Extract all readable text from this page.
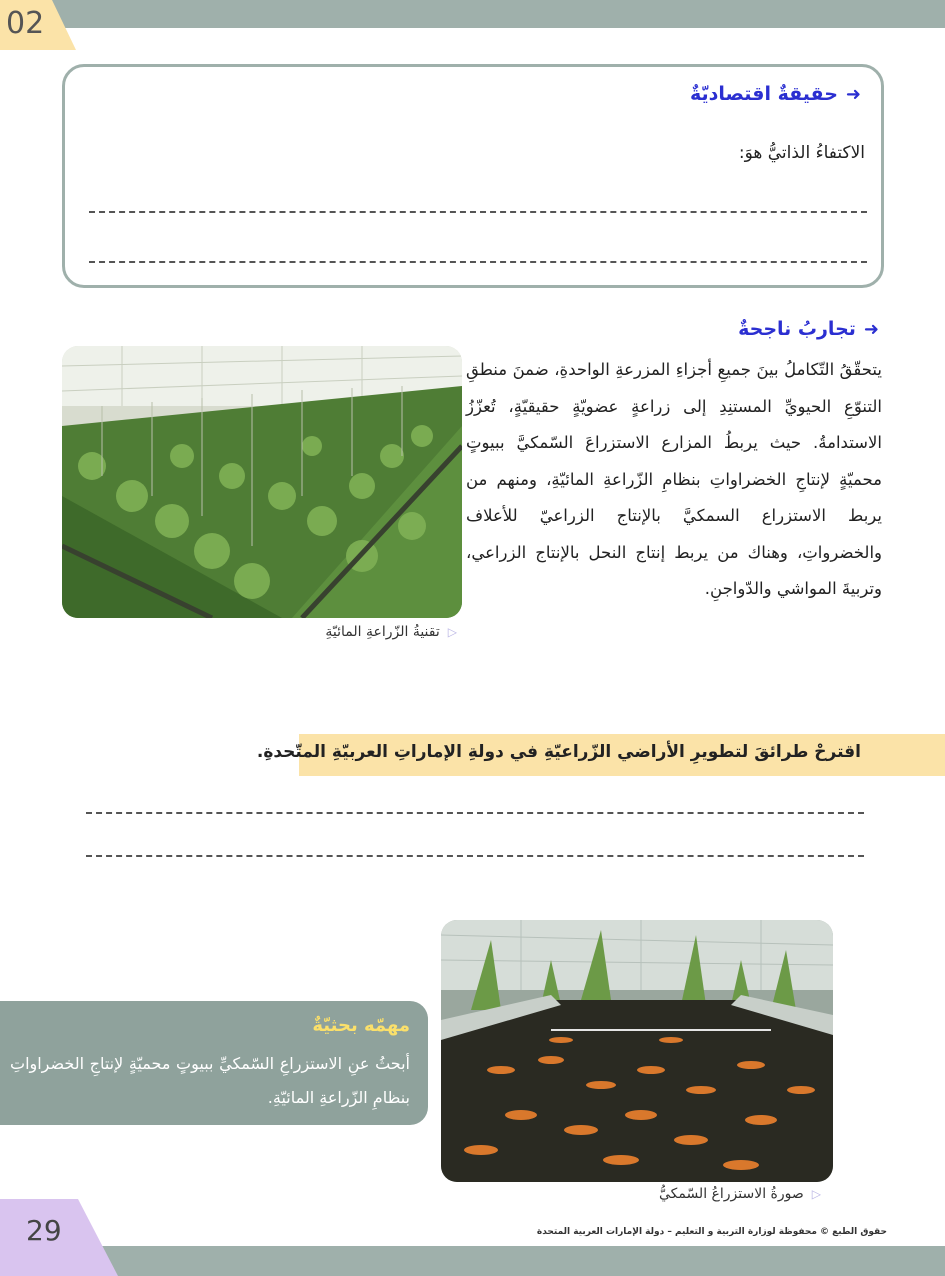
02
➜
حقيقةٌ اقتصاديّةٌ
الاكتفاءُ الذاتيُّ هوَ:
➜
تجاربُ ناجحةٌ
يتحقّقُ التّكاملُ بينَ جميعِ أجزاءِ المزرعةِ الواحدةِ، ضمنَ منطقِ التنوّعِ الحيويِّ المستنِدِ إلى زراعةٍ عضويّةٍ حقيقيّةٍ، تُعزّزُ الاستدامةُ. حيث يربطُ المزارع الاستزراعَ السّمكيَّ ببيوتٍ محميّةٍ لإنتاجِ الخضراواتِ بنظامِ الزّراعةِ المائيّةِ، ومنهم من يربط الاستزراع السمكيَّ بالإنتاج الزراعيّ للأعلاف والخضرواتِ، وهناك من يربط إنتاج النحل بالإنتاج الزراعي، وتربيةَ المواشي والدّواجنِ.
▷
تقنيةُ الزّراعةِ المائيّةِ
اقترحْ طرائقَ لتطويرِ الأراضي الزّراعيّةِ في دولةِ الإماراتِ العربيّةِ المتّحدةِ.
مهمّه بحثيّةٌ
أبحثُ عنِ الاستزراعِ السّمكيِّ ببيوتٍ محميّةٍ لإنتاجِ الخضراواتِ بنظامِ الزّراعةِ المائيّةِ.
▷
صورةُ الاستزراعُ السّمكيُّ
29	حقوق الطبع © محفوظة لوزارة التربية و التعليم – دولة الإمارات العربية المتحدة
